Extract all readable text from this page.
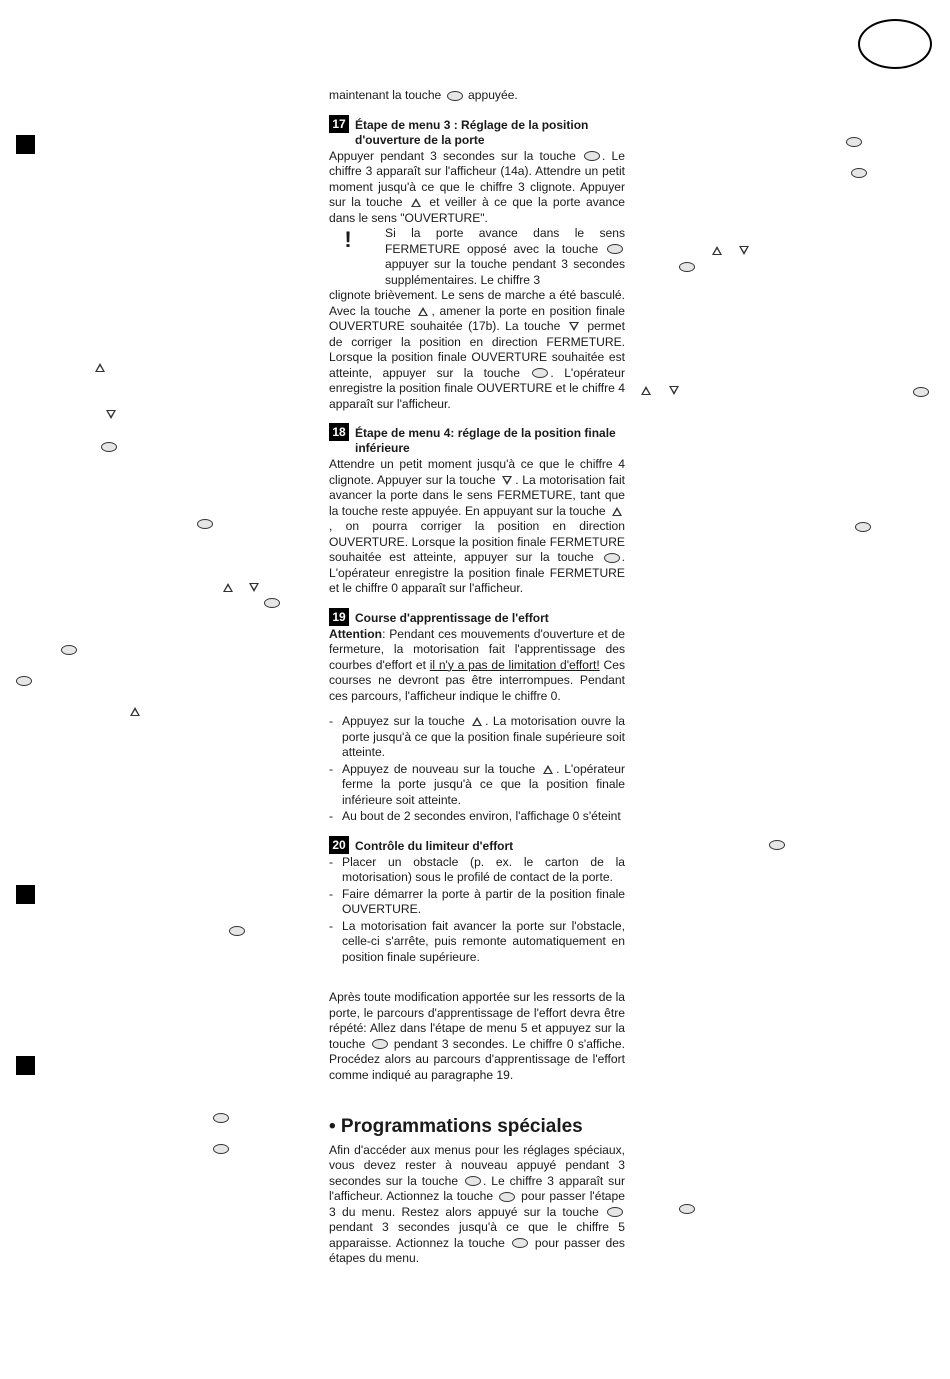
maintenant la touche appuyée.

17 Étape de menu 3 : Réglage de la position d'ouverture de la porte

Appuyer pendant 3 secondes sur la touche . Le chiffre 3 apparaît sur l'afficheur (14a). Attendre un petit moment jusqu'à ce que le chiffre 3 clignote. Appuyer sur la touche et veiller à ce que la porte avance dans le sens "OUVERTURE".

!	Si la porte avance dans le sens FERMETURE opposé avec la touche  appuyer sur la touche pendant 3 secondes supplémentaires. Le chiffre 3

clignote brièvement. Le sens de marche a été basculé. Avec la touche , amener la porte en position finale OUVERTURE souhaitée (17b). La touche permet de corriger la position en direction FERMETURE. Lorsque la position finale OUVERTURE souhaitée est atteinte, appuyer sur la touche	. L'opérateur enregistre la position finale OUVERTURE et le chiffre 4 apparaît sur l'afficheur.

18 Étape de menu 4: réglage de la position finale inférieure

Attendre un petit moment jusqu'à ce que le chiffre 4 clignote. Appuyer sur la touche . La motorisation fait avancer la porte dans le sens FERMETURE, tant que la touche reste appuyée. En appuyant sur la touche , on pourra corriger la position en direction OUVERTURE. Lorsque la position finale FERMETURE souhaitée est atteinte, appuyer sur la touche . L'opérateur enregistre la position finale FERMETURE et le chiffre 0 apparaît sur l'afficheur.

19 Course d'apprentissage de l'effort

Attention: Pendant ces mouvements d'ouverture et de fermeture, la motorisation fait l'apprentissage des courbes d'effort et il n'y a pas de limitation d'effort! Ces courses ne devront pas être interrompues. Pendant ces parcours, l'afficheur indique le chiffre 0.

- Appuyez sur la touche . La motorisation ouvre la porte jusqu'à ce que la position finale supérieure soit atteinte.
- Appuyez de nouveau sur la touche . L'opérateur ferme la porte jusqu'à ce que la position finale inférieure soit atteinte.
- Au bout de 2 secondes environ, l'affichage 0 s'éteint
20 Contrôle du limiteur d'effort
- Placer un obstacle (p. ex. le carton de la motorisation) sous le profilé de contact de la porte.
- Faire démarrer la porte à partir de la position finale OUVERTURE.
- La motorisation fait avancer la porte sur l'obstacle, celle-ci s'arrête, puis remonte automatiquement en position finale supérieure.

Après toute modification apportée sur les ressorts de la porte, le parcours d'apprentissage de l'effort devra être répété: Allez dans l'étape de menu 5 et appuyez sur la touche pendant 3 secondes. Le chiffre 0 s'affiche. Procédez alors au parcours d'apprentissage de l'effort comme indiqué au paragraphe 19.

• Programmations spéciales

Afin d'accéder aux menus pour les réglages spéciaux, vous devez rester à nouveau appuyé pendant 3 secondes sur la touche . Le chiffre 3 apparaît sur l'afficheur. Actionnez la touche pour passer l'étape 3 du menu. Restez alors appuyé sur la touche  pendant 3 secondes jusqu'à ce que le chiffre 5 apparaisse. Actionnez la touche pour passer des étapes du menu.
